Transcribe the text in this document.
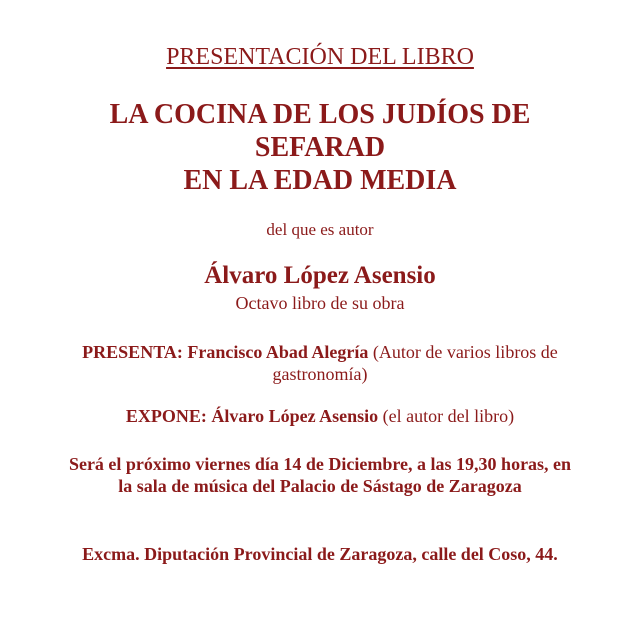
PRESENTACIÓN DEL LIBRO
LA COCINA DE LOS JUDÍOS DE
SEFARAD
EN LA EDAD MEDIA
del que es autor
Álvaro López Asensio
Octavo libro de su obra
PRESENTA: Francisco Abad Alegría (Autor de varios libros de gastronomía)
EXPONE: Álvaro López Asensio (el autor del libro)
Será el próximo viernes día 14 de Diciembre, a las 19,30 horas, en la sala de música del Palacio de Sástago de Zaragoza
Excma. Diputación Provincial de Zaragoza, calle del Coso, 44.
